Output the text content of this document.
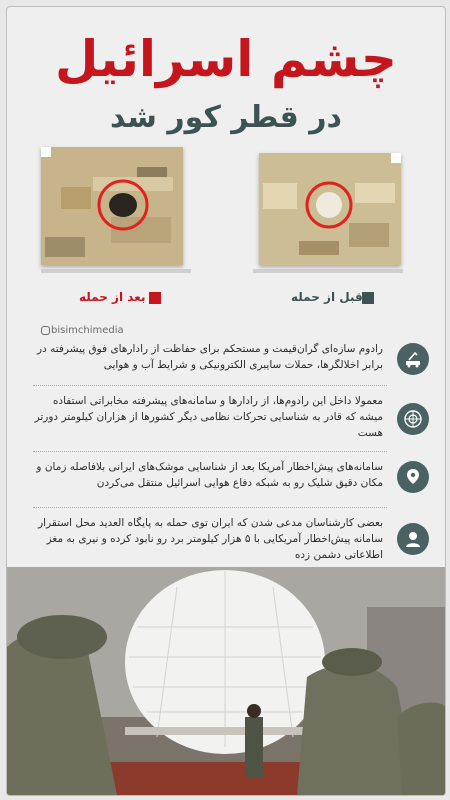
چشم اسرائیل
در قطر کور شد
بعد از حمله	قبل از حمله
bisimchimedia
رادوم سازه‌ای گران‌قیمت و مستحکم برای حفاظت از رادارهای فوق پیشرفته در برابر اخلالگرها، حملات سایبری الکترونیکی و شرایط آب و هوایی
معمولا داخل این رادوم‌ها، از رادارها و سامانه‌های پیشرفته مخابراتی استفاده میشه که قادر به شناسایی تحرکات نظامی دیگر کشورها از هزاران کیلومتر دورتر هست
سامانه‌های پیش‌اخطار آمریکا بعد از شناسایی موشک‌های ایرانی بلافاصله زمان و مکان دقیق شلیک رو به شبکه دفاع هوایی اسرائیل منتقل می‌کردن
بعضی کارشناسان مدعی شدن که ایران توی حمله به پایگاه العدید محل استقرار سامانه پیش‌اخطار آمریکایی با ۵ هزار کیلومتر برد رو نابود کرده و نیری به مغز اطلاعاتی دشمن زده
